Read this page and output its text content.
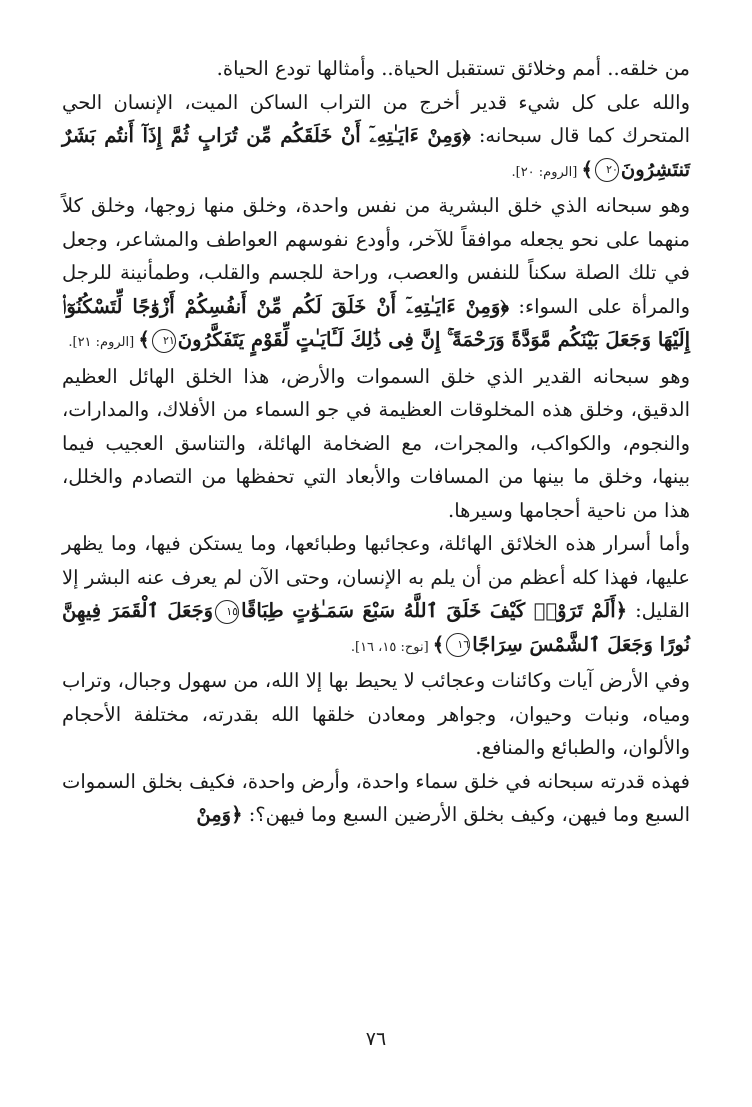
من خلقه.. أمم وخلائق تستقبل الحياة.. وأمثالها تودع الحياة.

والله على كل شيء قدير أخرج من التراب الساكن الميت، الإنسان الحي المتحرك كما قال سبحانه: ﴿وَمِنْ ءَايَـٰتِهِۦٓ أَنْ خَلَقَكُم مِّن تُرَابٍ ثُمَّ إِذَآ أَنتُم بَشَرٌ تَنتَشِرُونَ٢٠﴾ [الروم: ٢٠].

وهو سبحانه الذي خلق البشرية من نفس واحدة، وخلق منها زوجها، وخلق كلاً منهما على نحو يجعله موافقاً للآخر، وأودع نفوسهم العواطف والمشاعر، وجعل في تلك الصلة سكناً للنفس والعصب، وراحة للجسم والقلب، وطمأنينة للرجل والمرأة على السواء: ﴿وَمِنْ ءَايَـٰتِهِۦٓ أَنْ خَلَقَ لَكُم مِّنْ أَنفُسِكُمْ أَزْوَٰجًا لِّتَسْكُنُوٓا۟ إِلَيْهَا وَجَعَلَ بَيْنَكُم مَّوَدَّةً وَرَحْمَةً ۚ إِنَّ فِى ذَٰلِكَ لَـَٔايَـٰتٍ لِّقَوْمٍ يَتَفَكَّرُونَ٢١﴾ [الروم: ٢١].

وهو سبحانه القدير الذي خلق السموات والأرض، هذا الخلق الهائل العظيم الدقيق، وخلق هذه المخلوقات العظيمة في جو السماء من الأفلاك، والمدارات، والنجوم، والكواكب، والمجرات، مع الضخامة الهائلة، والتناسق العجيب فيما بينها، وخلق ما بينها من المسافات والأبعاد التي تحفظها من التصادم والخلل، هذا من ناحية أحجامها وسيرها.

وأما أسرار هذه الخلائق الهائلة، وعجائبها وطبائعها، وما يستكن فيها، وما يظهر عليها، فهذا كله أعظم من أن يلم به الإنسان، وحتى الآن لم يعرف عنه البشر إلا القليل: ﴿أَلَمْ تَرَوْا۟ كَيْفَ خَلَقَ ٱللَّهُ سَبْعَ سَمَـٰوَٰتٍ طِبَاقًا١٥وَجَعَلَ ٱلْقَمَرَ فِيهِنَّ نُورًا وَجَعَلَ ٱلشَّمْسَ سِرَاجًا١٦﴾ [نوح: ١٥، ١٦].

وفي الأرض آيات وكائنات وعجائب لا يحيط بها إلا الله، من سهول وجبال، وتراب ومياه، ونبات وحيوان، وجواهر ومعادن خلقها الله بقدرته، مختلفة الأحجام والألوان، والطبائع والمنافع.

فهذه قدرته سبحانه في خلق سماء واحدة، وأرض واحدة، فكيف بخلق السموات السبع وما فيهن، وكيف بخلق الأرضين السبع وما فيهن؟: ﴿وَمِنْ

٧٦
